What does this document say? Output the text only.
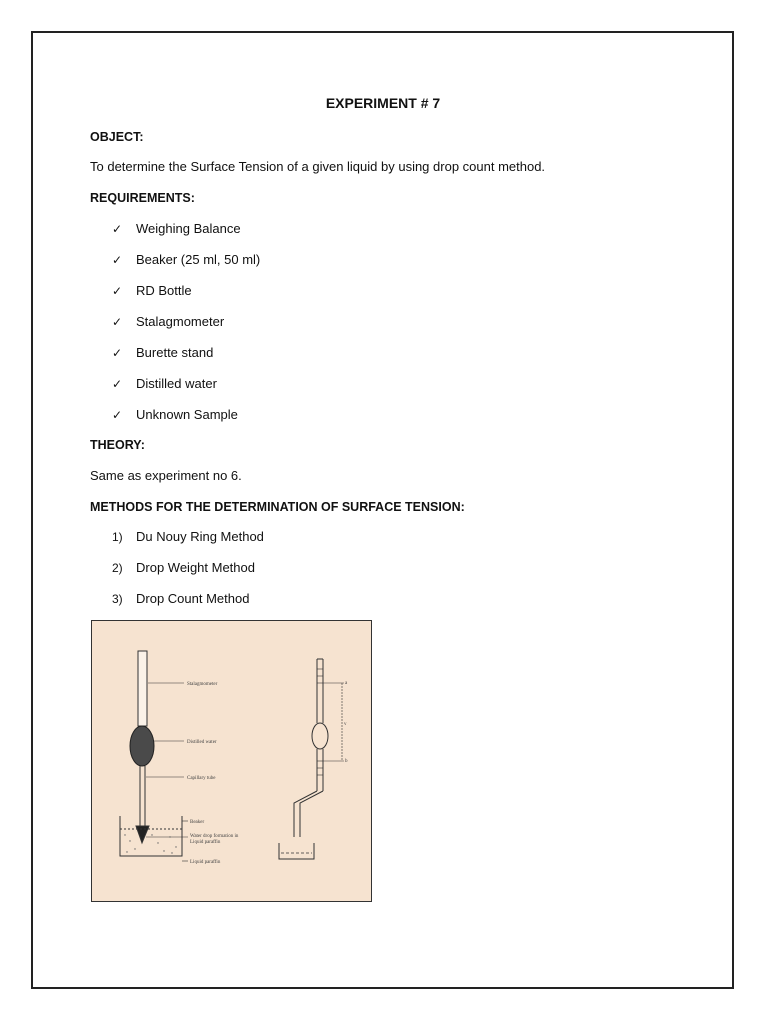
EXPERIMENT # 7
OBJECT:
To determine the Surface Tension of a given liquid by using drop count method.
REQUIREMENTS:
✓ Weighing Balance
✓ Beaker (25 ml, 50 ml)
✓ RD Bottle
✓ Stalagmometer
✓ Burette stand
✓ Distilled water
✓ Unknown Sample
THEORY:
Same as experiment no 6.
METHODS FOR THE DETERMINATION OF SURFACE TENSION:
1) Du Nouy Ring Method
2) Drop Weight Method
3) Drop Count Method
Stalagmometer
Distilled water
Capillary tube
Beaker
Water drop formation in
Liquid paraffin
Liquid paraffin
a
v
b
